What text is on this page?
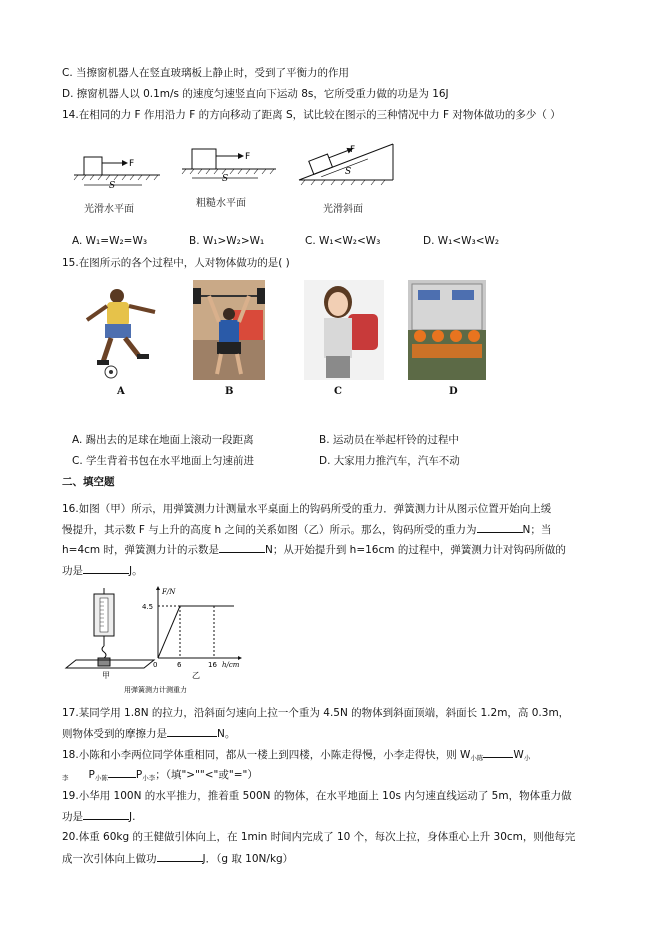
C. 当擦窗机器人在竖直玻璃板上静止时，受到了平衡力的作用
D. 擦窗机器人以 0.1m/s 的速度匀速竖直向下运动 8s，它所受重力做的功是为 16J
14.在相同的力 F 作用沿力 F 的方向移动了距离 S，试比较在图示的三种情况中力 F 对物体做功的多少（ ）
F
S
F
S
F
S
光滑水平面
粗糙水平面
光滑斜面
A. W₁=W₂=W₃	B. W₁>W₂>W₁	C. W₁<W₂<W₃	D. W₁<W₃<W₂
15.在图所示的各个过程中，人对物体做功的是( )
A	B	C	D
A. 踢出去的足球在地面上滚动一段距离	B. 运动员在举起杆铃的过程中
C. 学生背着书包在水平地面上匀速前进	D. 大家用力推汽车，汽车不动
二、填空题
16.如图（甲）所示，用弹簧测力计测量水平桌面上的钩码所受的重力．弹簧测力计从图示位置开始向上缓
慢提升，其示数 F 与上升的高度 h 之间的关系如图（乙）所示。那么，钩码所受的重力为	N；当
h=4cm 时，弹簧测力计的示数是	N；从开始提升到 h=16cm 的过程中，弹簧测力计对钩码所做的
功是	J。
甲
4.5
F/N
0	6	16 h/cm
乙
用弹簧测力计测重力
17.某同学用 1.8N 的拉力，沿斜面匀速向上拉一个重为 4.5N 的物体到斜面顶端，斜面长 1.2m，高 0.3m，
则物体受到的摩擦力是	N。
18.小陈和小李两位同学体重相同，都从一楼上到四楼，小陈走得慢，小李走得快，则 $W_{小陈}$	$W_小$
$_李$ $P_{小陈}$	$P_{小李}$；（填">""<"或"="）
19.小华用 100N 的水平推力，推着重 500N 的物体，在水平地面上 10s 内匀速直线运动了 5m，物体重力做
功是	J.
20.体重 60kg 的王健做引体向上，在 1min 时间内完成了 10 个，每次上拉，身体重心上升 30cm，则他每完
成一次引体向上做功	J．（g 取 10N/kg）
